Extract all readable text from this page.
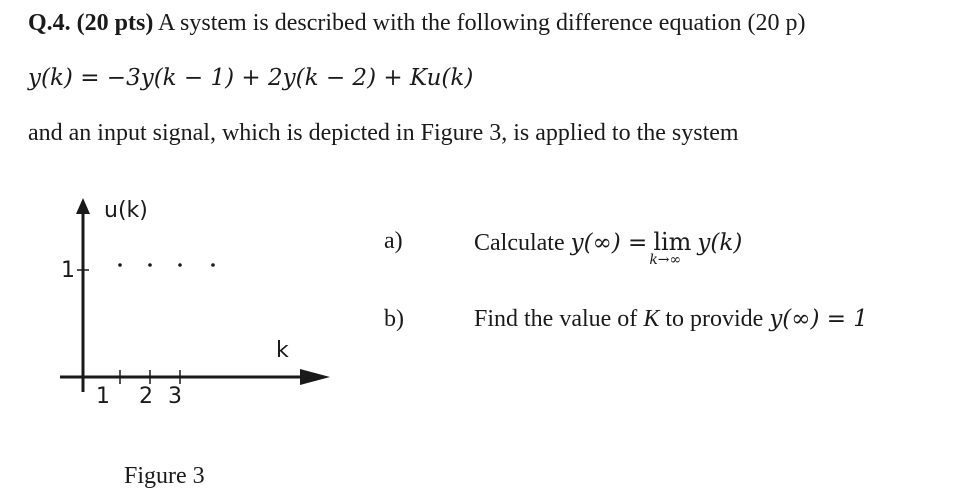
Q.4. (20 pts) A system is described with the following difference equation (20 p)
y(k) = −3y(k − 1) + 2y(k − 2) + Ku(k)
and an input signal, which is depicted in Figure 3, is applied to the system
u(k)
k
1
1 2 3
Figure 3
a)	Calculate y(∞) = lim
k→∞
y(k)
b)	Find the value of K to provide y(∞) = 1
